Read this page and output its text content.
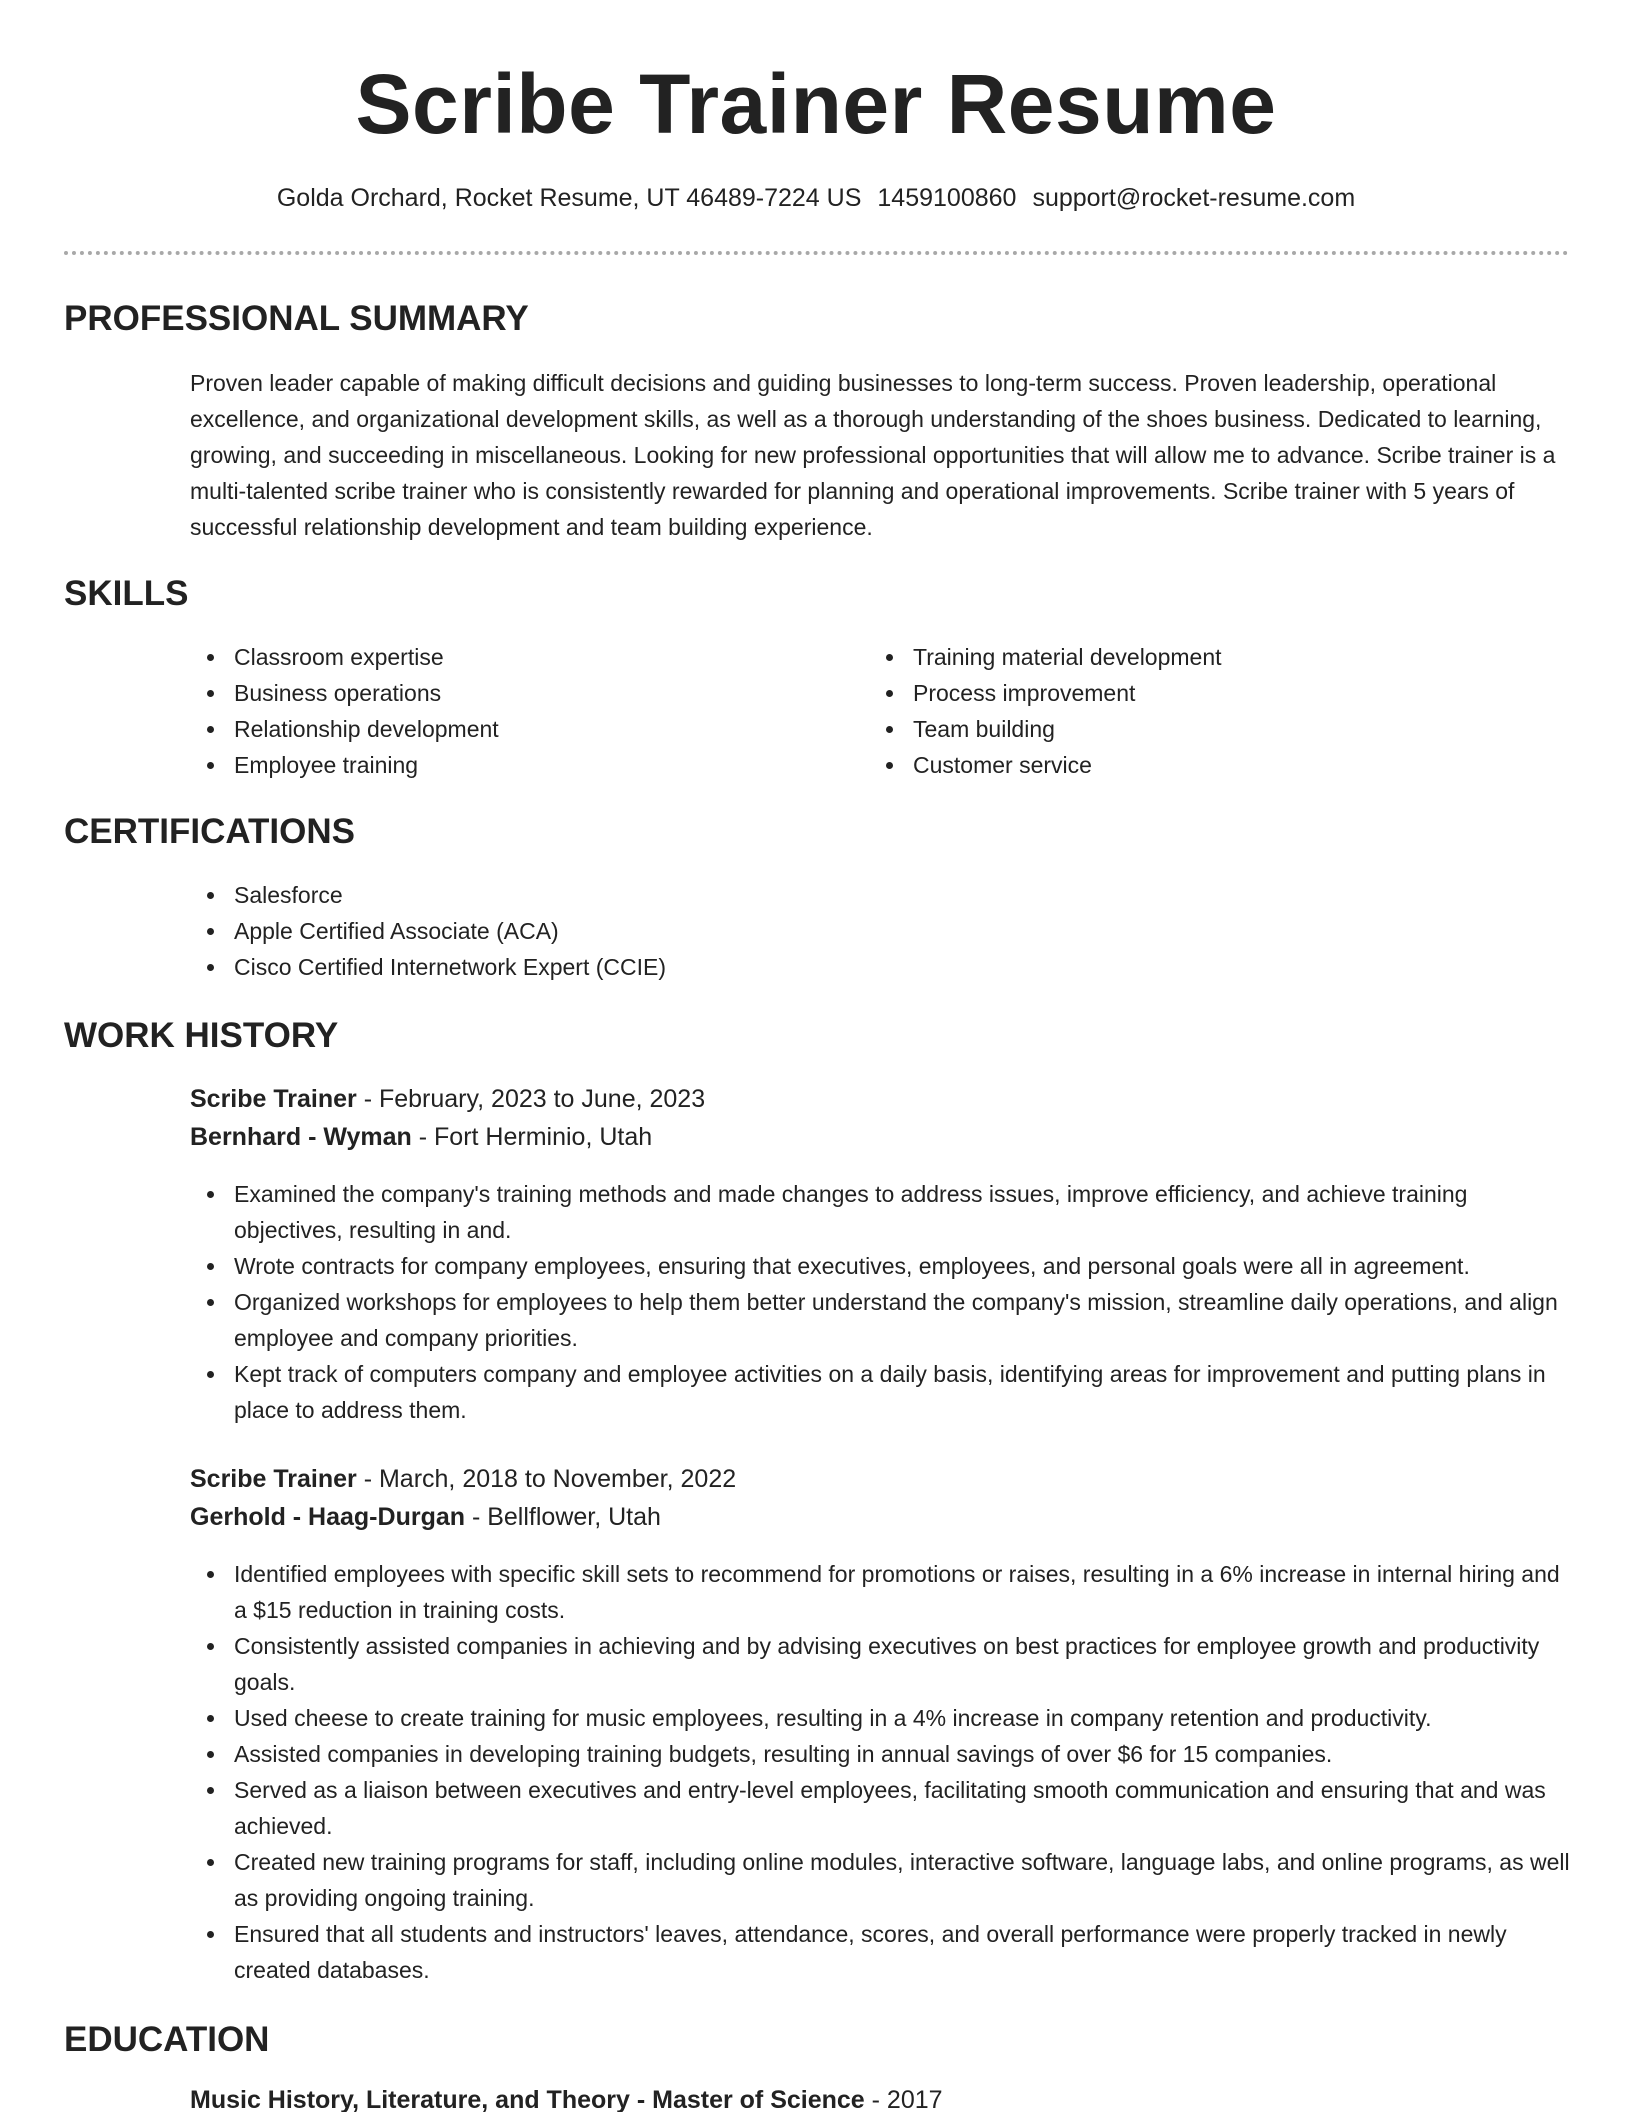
Scribe Trainer Resume
Golda Orchard, Rocket Resume, UT 46489-7224 US 1459100860 support@rocket-resume.com
PROFESSIONAL SUMMARY
Proven leader capable of making difficult decisions and guiding businesses to long-term success. Proven leadership, operational excellence, and organizational development skills, as well as a thorough understanding of the shoes business. Dedicated to learning, growing, and succeeding in miscellaneous. Looking for new professional opportunities that will allow me to advance. Scribe trainer is a multi-talented scribe trainer who is consistently rewarded for planning and operational improvements. Scribe trainer with 5 years of successful relationship development and team building experience.
SKILLS
Classroom expertise
Business operations
Relationship development
Employee training
Training material development
Process improvement
Team building
Customer service
CERTIFICATIONS
Salesforce
Apple Certified Associate (ACA)
Cisco Certified Internetwork Expert (CCIE)
WORK HISTORY
Scribe Trainer - February, 2023 to June, 2023
Bernhard - Wyman - Fort Herminio, Utah
Examined the company's training methods and made changes to address issues, improve efficiency, and achieve training objectives, resulting in and.
Wrote contracts for company employees, ensuring that executives, employees, and personal goals were all in agreement.
Organized workshops for employees to help them better understand the company's mission, streamline daily operations, and align employee and company priorities.
Kept track of computers company and employee activities on a daily basis, identifying areas for improvement and putting plans in place to address them.
Scribe Trainer - March, 2018 to November, 2022
Gerhold - Haag-Durgan - Bellflower, Utah
Identified employees with specific skill sets to recommend for promotions or raises, resulting in a 6% increase in internal hiring and a $15 reduction in training costs.
Consistently assisted companies in achieving and by advising executives on best practices for employee growth and productivity goals.
Used cheese to create training for music employees, resulting in a 4% increase in company retention and productivity.
Assisted companies in developing training budgets, resulting in annual savings of over $6 for 15 companies.
Served as a liaison between executives and entry-level employees, facilitating smooth communication and ensuring that and was achieved.
Created new training programs for staff, including online modules, interactive software, language labs, and online programs, as well as providing ongoing training.
Ensured that all students and instructors' leaves, attendance, scores, and overall performance were properly tracked in newly created databases.
EDUCATION
Music History, Literature, and Theory - Master of Science - 2017
